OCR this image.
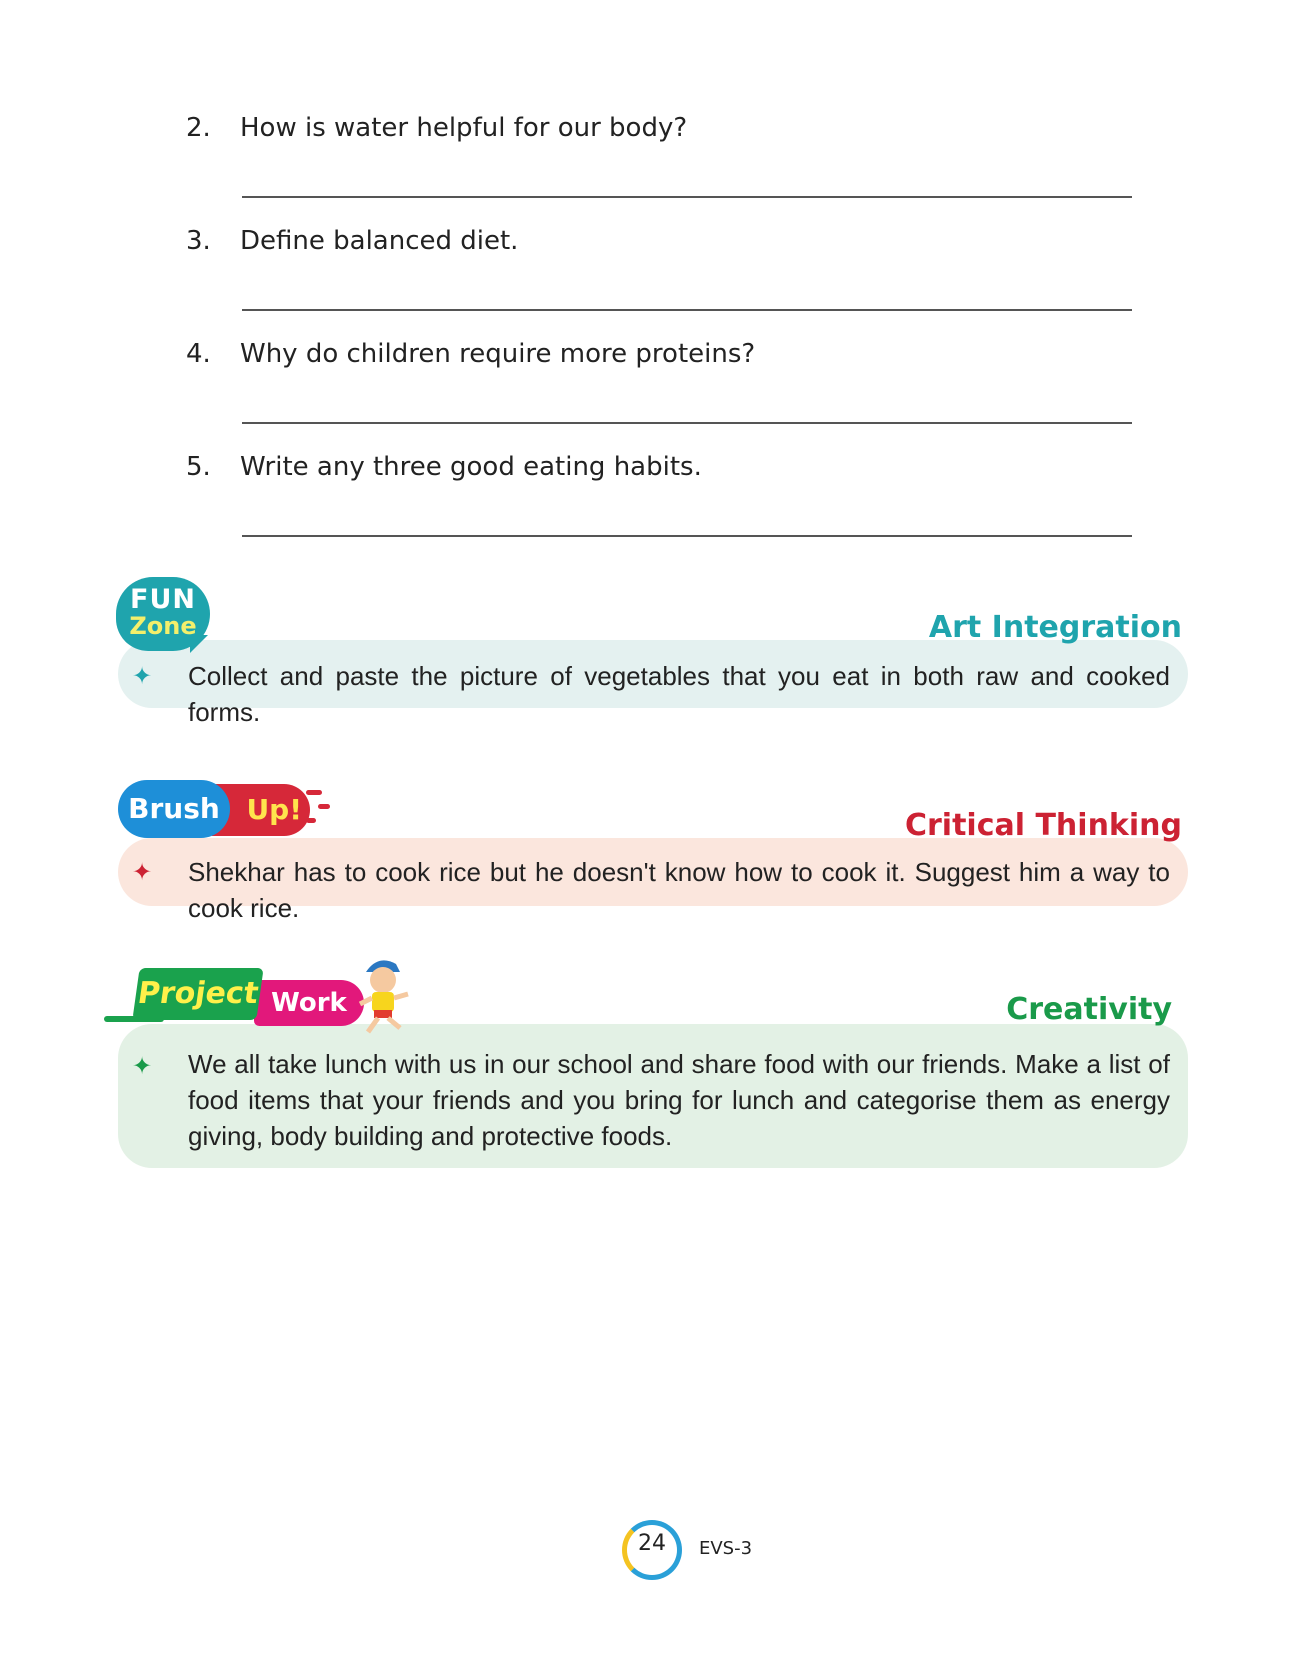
2. How is water helpful for our body?
3. Define balanced diet.
4. Why do children require more proteins?
5. Write any three good eating habits.
✦ Collect and paste the picture of vegetables that you eat in both raw and cooked forms.
FUN
Zone	Art Integration
✦ Shekhar has to cook rice but he doesn't know how to cook it. Suggest him a way to cook rice.
Brush Up!	Critical Thinking
✦ We all take lunch with us in our school and share food with our friends. Make a list of food items that your friends and you bring for lunch and categorise them as energy giving, body building and protective foods.
Project Work	Creativity
24	EVS-3
